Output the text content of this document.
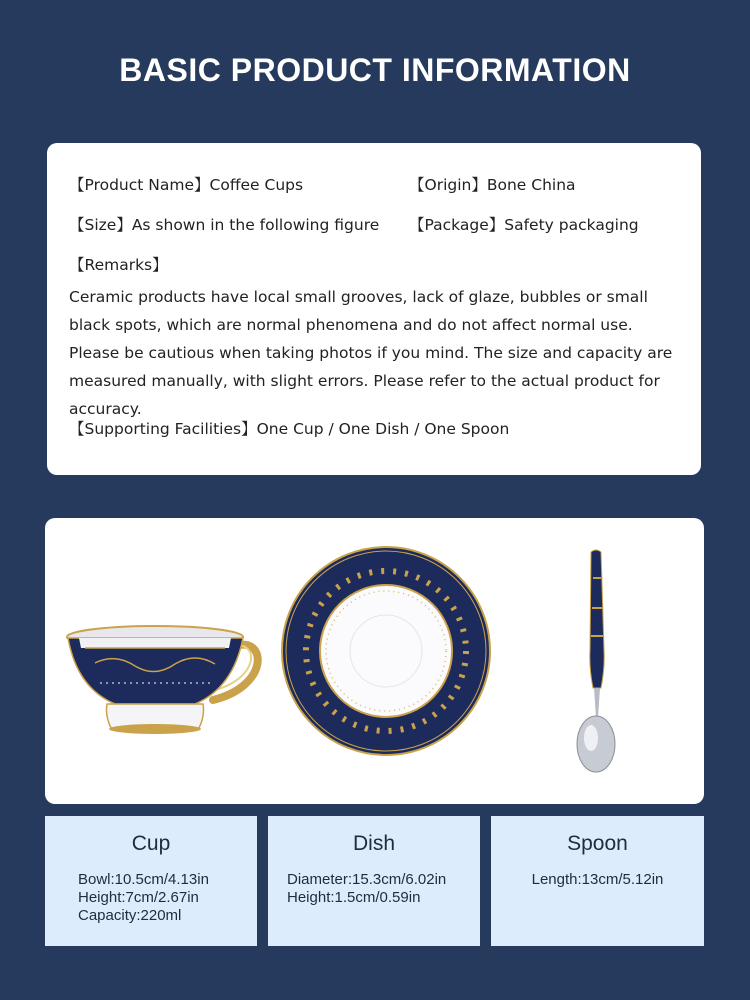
BASIC PRODUCT INFORMATION
【Product Name】Coffee Cups	【Origin】Bone China
【Size】As shown in the following figure 【Package】Safety packaging
【Remarks】
Ceramic products have local small grooves, lack of glaze, bubbles or small black spots, which are normal phenomena and do not affect normal use. Please be cautious when taking photos if you mind. The size and capacity are measured manually, with slight errors. Please refer to the actual product for accuracy.
【Supporting Facilities】One Cup / One Dish / One Spoon
Cup
Bowl:10.5cm/4.13in
Height:7cm/2.67in
Capacity:220ml
Dish
Diameter:15.3cm/6.02in
Height:1.5cm/0.59in
Spoon
Length:13cm/5.12in
